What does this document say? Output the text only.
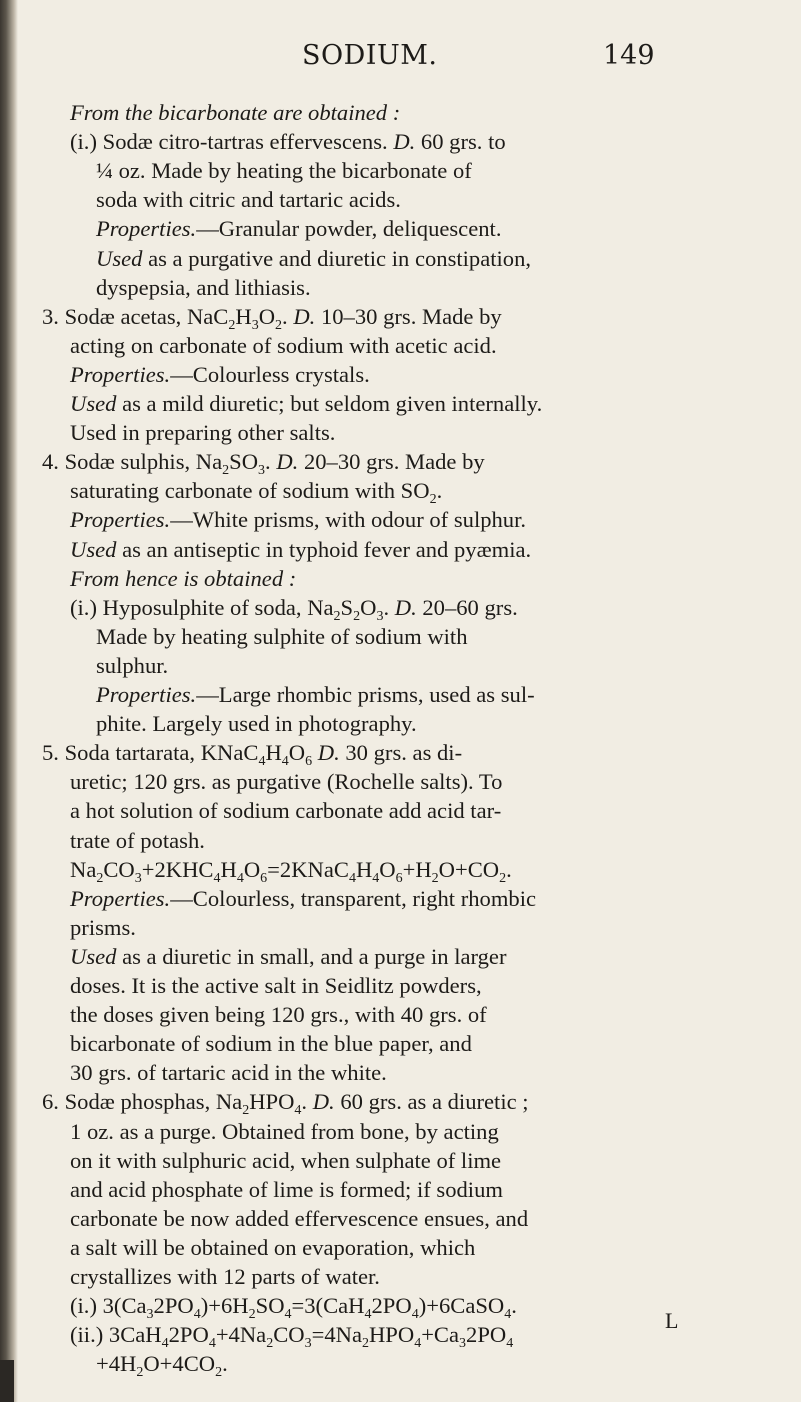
SODIUM.	149
From the bicarbonate are obtained :
(i.) Sodæ citro-tartras effervescens. D. 60 grs. to
¼ oz. Made by heating the bicarbonate of
soda with citric and tartaric acids.
Properties.—Granular powder, deliquescent.
Used as a purgative and diuretic in constipation,
dyspepsia, and lithiasis.
3. Sodæ acetas, $NaC_2H_3O_2$. D. 10–30 grs. Made by
acting on carbonate of sodium with acetic acid.
Properties.—Colourless crystals.
Used as a mild diuretic; but seldom given internally.
Used in preparing other salts.
4. Sodæ sulphis, $Na_2SO_3$. D. 20–30 grs. Made by
saturating carbonate of sodium with $SO_2$.
Properties.—White prisms, with odour of sulphur.
Used as an antiseptic in typhoid fever and pyæmia.
From hence is obtained :
(i.) Hyposulphite of soda, $Na_2S_2O_3$. D. 20–60 grs.
Made by heating sulphite of sodium with
sulphur.
Properties.—Large rhombic prisms, used as sul-
phite. Largely used in photography.
5. Soda tartarata, $KNaC_4H_4O_6$ D. 30 grs. as di-
uretic; 120 grs. as purgative (Rochelle salts). To
a hot solution of sodium carbonate add acid tar-
trate of potash.
$Na_2CO_3+2KHC_4H_4O_6=2KNaC_4H_4O_6+H_2O+CO_2$.
Properties.—Colourless, transparent, right rhombic
prisms.
Used as a diuretic in small, and a purge in larger
doses. It is the active salt in Seidlitz powders,
the doses given being 120 grs., with 40 grs. of
bicarbonate of sodium in the blue paper, and
30 grs. of tartaric acid in the white.
6. Sodæ phosphas, $Na_2HPO_4$. D. 60 grs. as a diuretic ;
1 oz. as a purge. Obtained from bone, by acting
on it with sulphuric acid, when sulphate of lime
and acid phosphate of lime is formed; if sodium
carbonate be now added effervescence ensues, and
a salt will be obtained on evaporation, which
crystallizes with 12 parts of water.
(i.) $3(Ca_32PO_4)+6H_2SO_4=3(CaH_42PO_4)+6CaSO_4$.
(ii.) $3CaH_42PO_4+4Na_2CO_3=4Na_2HPO_4+Ca_32PO_4$
$+4H_2O+4CO_2$.
L
